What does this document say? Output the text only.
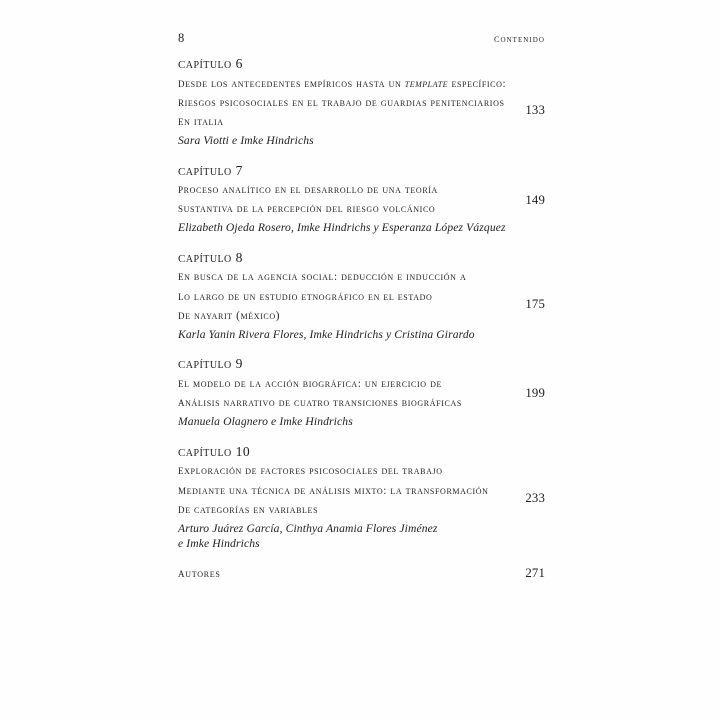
8	contenido
capítulo 6
desde los antecedentes empíricos hasta un template específico:
riesgos psicosociales en el trabajo de guardias penitenciarios
en italia
Sara Viotti e Imke Hindrichs
133
capítulo 7
proceso analítico en el desarrollo de una teoría
sustantiva de la percepción del riesgo volcánico
Elizabeth Ojeda Rosero, Imke Hindrichs y Esperanza López Vázquez
149
capítulo 8
en busca de la agencia social: deducción e inducción a
lo largo de un estudio etnográfico en el estado
de nayarit (méxico)
Karla Yanin Rivera Flores, Imke Hindrichs y Cristina Girardo
175
capítulo 9
el modelo de la acción biográfica: un ejercicio de
análisis narrativo de cuatro transiciones biográficas
Manuela Olagnero e Imke Hindrichs
199
capítulo 10
exploración de factores psicosociales del trabajo
mediante una técnica de análisis mixto: la transformación
de categorías en variables
Arturo Juárez García, Cinthya Anamia Flores Jiménez
e Imke Hindrichs
233
autores	271
